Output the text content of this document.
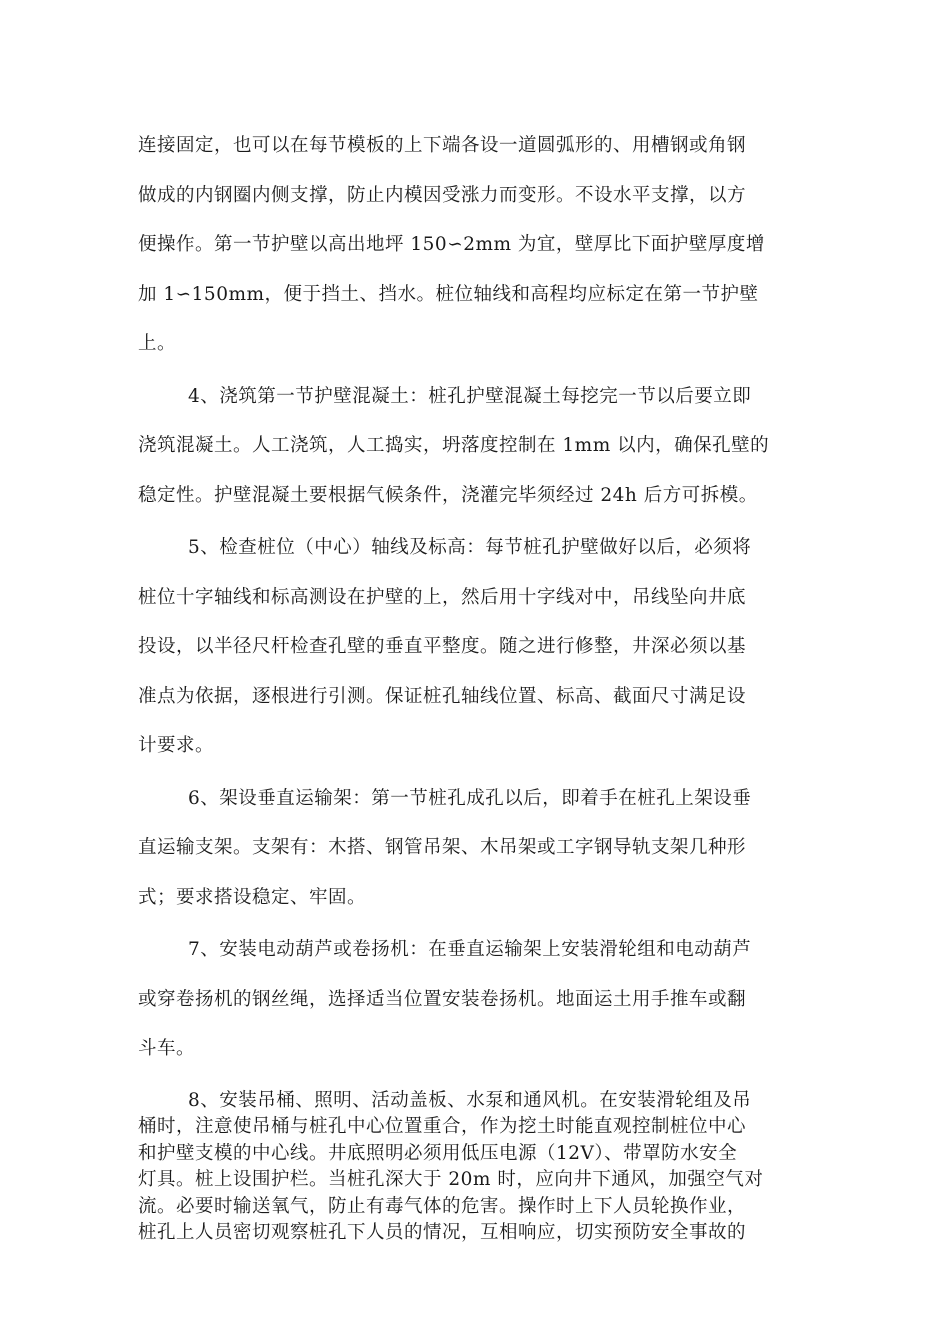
连接固定，也可以在每节模板的上下端各设一道圆弧形的、用槽钢或角钢
做成的内钢圈内侧支撑，防止内模因受涨力而变形。不设水平支撑，以方
便操作。第一节护壁以高出地坪 150∽2mm 为宜，壁厚比下面护壁厚度增
加 1∽150mm，便于挡土、挡水。桩位轴线和高程均应标定在第一节护壁
上。
4、浇筑第一节护壁混凝土：桩孔护壁混凝土每挖完一节以后要立即
浇筑混凝土。人工浇筑，人工捣实，坍落度控制在 1mm 以内，确保孔壁的
稳定性。护壁混凝土要根据气候条件，浇灌完毕须经过 24h 后方可拆模。
5、检查桩位（中心）轴线及标高：每节桩孔护壁做好以后，必须将
桩位十字轴线和标高测设在护壁的上，然后用十字线对中，吊线坠向井底
投设，以半径尺杆检查孔壁的垂直平整度。随之进行修整，井深必须以基
准点为依据，逐根进行引测。保证桩孔轴线位置、标高、截面尺寸满足设
计要求。
6、架设垂直运输架：第一节桩孔成孔以后，即着手在桩孔上架设垂
直运输支架。支架有：木搭、钢管吊架、木吊架或工字钢导轨支架几种形
式；要求搭设稳定、牢固。
7、安装电动葫芦或卷扬机：在垂直运输架上安装滑轮组和电动葫芦
或穿卷扬机的钢丝绳，选择适当位置安装卷扬机。地面运土用手推车或翻
斗车。
8、安装吊桶、照明、活动盖板、水泵和通风机。在安装滑轮组及吊
桶时，注意使吊桶与桩孔中心位置重合，作为挖土时能直观控制桩位中心
和护壁支模的中心线。井底照明必须用低压电源（12V）、带罩防水安全
灯具。桩上设围护栏。当桩孔深大于 20m 时，应向井下通风，加强空气对
流。必要时输送氧气，防止有毒气体的危害。操作时上下人员轮换作业，
桩孔上人员密切观察桩孔下人员的情况，互相响应，切实预防安全事故的
